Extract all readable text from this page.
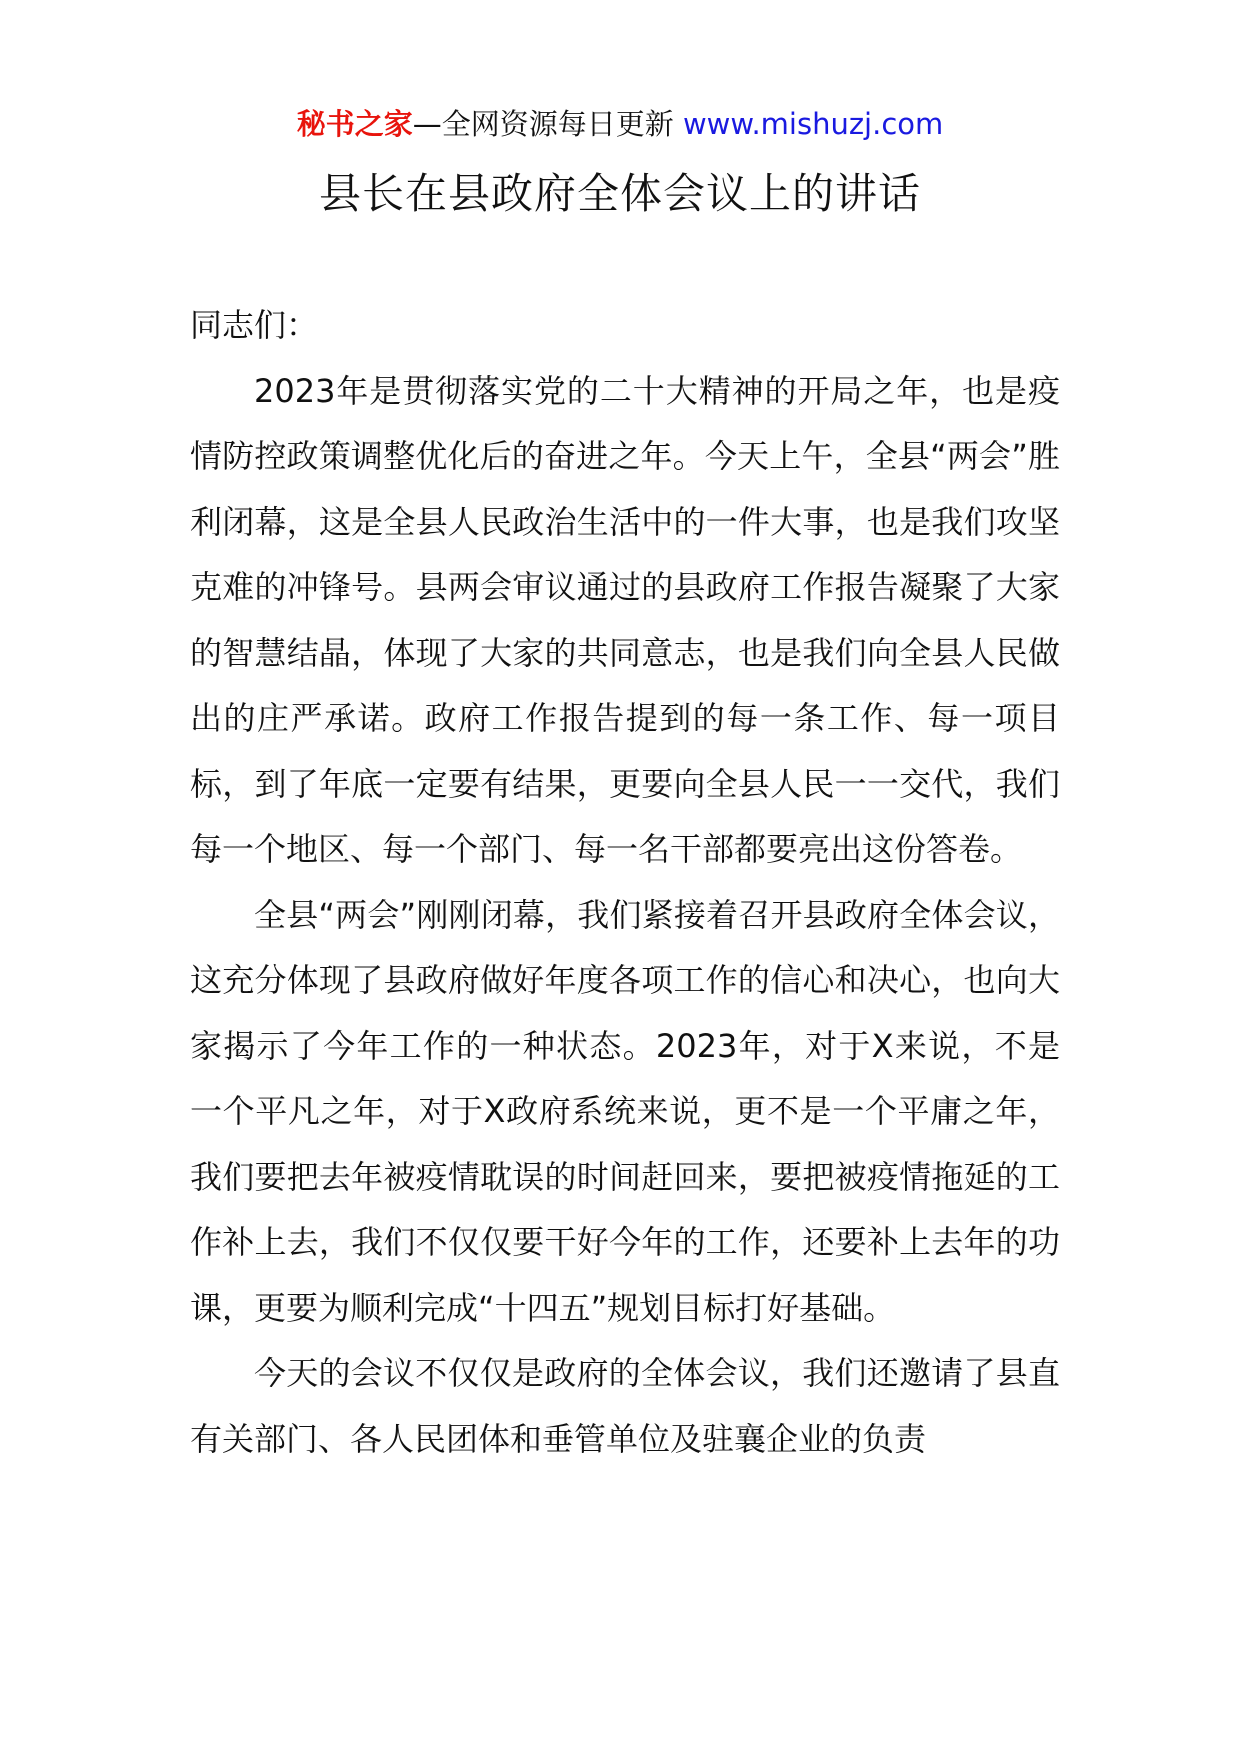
秘书之家—全网资源每日更新 www.mishuzj.com
县长在县政府全体会议上的讲话

同志们：

2023年是贯彻落实党的二十大精神的开局之年，也是疫情防控政策调整优化后的奋进之年。今天上午，全县“两会”胜利闭幕，这是全县人民政治生活中的一件大事，也是我们攻坚克难的冲锋号。县两会审议通过的县政府工作报告凝聚了大家的智慧结晶，体现了大家的共同意志，也是我们向全县人民做出的庄严承诺。政府工作报告提到的每一条工作、每一项目标，到了年底一定要有结果，更要向全县人民一一交代，我们每一个地区、每一个部门、每一名干部都要亮出这份答卷。

全县“两会”刚刚闭幕，我们紧接着召开县政府全体会议，这充分体现了县政府做好年度各项工作的信心和决心，也向大家揭示了今年工作的一种状态。2023年，对于X来说，不是一个平凡之年，对于X政府系统来说，更不是一个平庸之年，我们要把去年被疫情耽误的时间赶回来，要把被疫情拖延的工作补上去，我们不仅仅要干好今年的工作，还要补上去年的功课，更要为顺利完成“十四五”规划目标打好基础。

今天的会议不仅仅是政府的全体会议，我们还邀请了县直有关部门、各人民团体和垂管单位及驻襄企业的负责
